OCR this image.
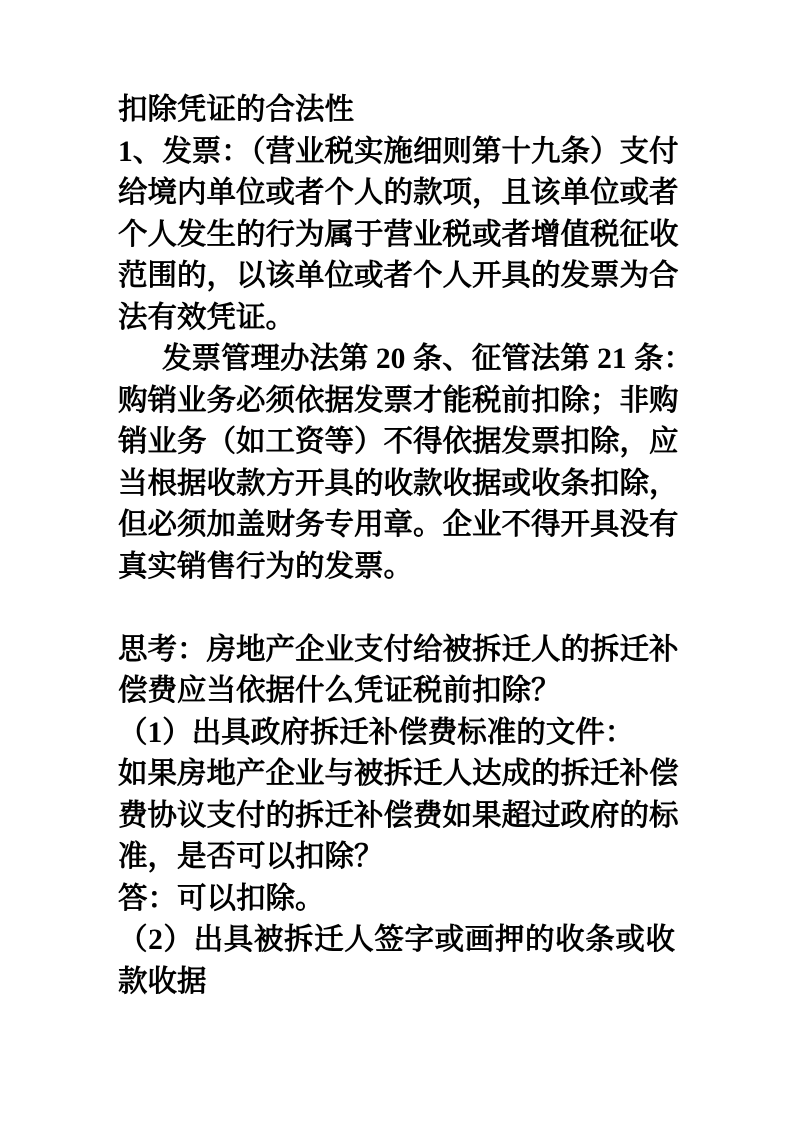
扣除凭证的合法性
1、发票：（营业税实施细则第十九条）支付
给境内单位或者个人的款项，且该单位或者
个人发生的行为属于营业税或者增值税征收
范围的，以该单位或者个人开具的发票为合
法有效凭证。
发票管理办法第 20 条、征管法第 21 条：
购销业务必须依据发票才能税前扣除；非购
销业务（如工资等）不得依据发票扣除，应
当根据收款方开具的收款收据或收条扣除，
但必须加盖财务专用章。企业不得开具没有
真实销售行为的发票。
思考：房地产企业支付给被拆迁人的拆迁补
偿费应当依据什么凭证税前扣除？
（1）出具政府拆迁补偿费标准的文件：
如果房地产企业与被拆迁人达成的拆迁补偿
费协议支付的拆迁补偿费如果超过政府的标
准，是否可以扣除？
答：可以扣除。
（2）出具被拆迁人签字或画押的收条或收
款收据
